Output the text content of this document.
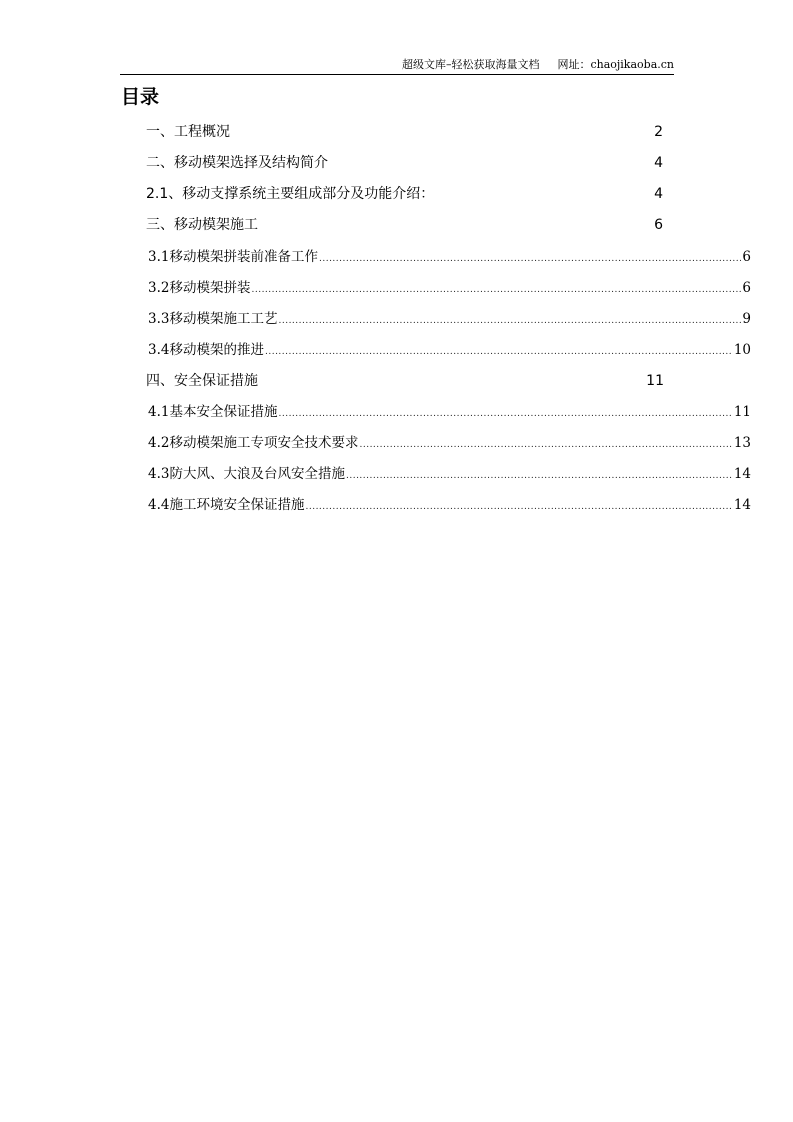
超级文库–轻松获取海量文档 网址：chaojikaoba.cn
目录
一、工程概况	2
二、移动模架选择及结构简介	4
2.1、移动支撑系统主要组成部分及功能介绍：	4
三、移动模架施工	6
3.1移动模架拼装前准备工作 .....	6
3.2移动模架拼装 .....	6
3.3移动模架施工工艺 .....	9
3.4移动模架的推进 .....	10
四、安全保证措施	11
4.1基本安全保证措施 .....	11
4.2移动模架施工专项安全技术要求 .....	13
4.3防大风、大浪及台风安全措施 .....	14
4.4施工环境安全保证措施 .....	14
